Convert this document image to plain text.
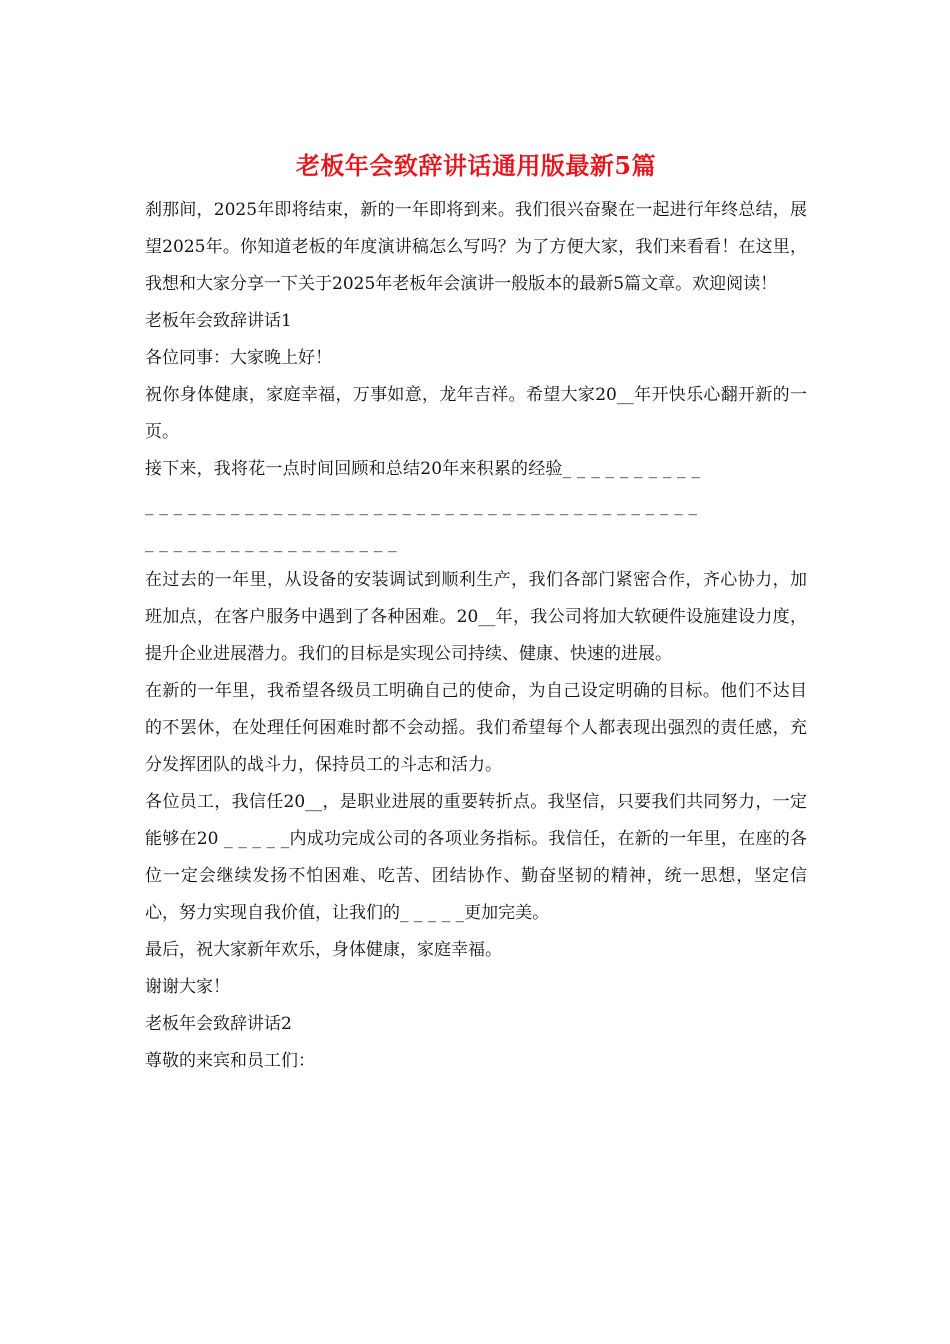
老板年会致辞讲话通用版最新5篇

刹那间，2025年即将结束，新的一年即将到来。我们很兴奋聚在一起进行年终总结，展望2025年。你知道老板的年度演讲稿怎么写吗？为了方便大家，我们来看看！在这里，我想和大家分享一下关于2025年老板年会演讲一般版本的最新5篇文章。欢迎阅读！

老板年会致辞讲话1

各位同事：大家晚上好！

祝你身体健康，家庭幸福，万事如意，龙年吉祥。希望大家20__年开快乐心翻开新的一页。

接下来，我将花一点时间回顾和总结20年来积累的经验_ _ _ _ _ _ _ _ _ _

_ _ _ _ _ _ _ _ _ _ _ _ _ _ _ _ _ _ _ _ _ _ _ _ _ _ _ _ _ _ _ _ _ _ _ _ _ _ _

_ _ _ _ _ _ _ _ _ _ _ _ _ _ _ _ _ _

在过去的一年里，从设备的安装调试到顺利生产，我们各部门紧密合作，齐心协力，加班加点，在客户服务中遇到了各种困难。20__年，我公司将加大软硬件设施建设力度，提升企业进展潜力。我们的目标是实现公司持续、健康、快速的进展。

在新的一年里，我希望各级员工明确自己的使命，为自己设定明确的目标。他们不达目的不罢休，在处理任何困难时都不会动摇。我们希望每个人都表现出强烈的责任感，充分发挥团队的战斗力，保持员工的斗志和活力。

各位员工，我信任20__，是职业进展的重要转折点。我坚信，只要我们共同努力，一定能够在20 _ _ _ _ _内成功完成公司的各项业务指标。我信任，在新的一年里，在座的各位一定会继续发扬不怕困难、吃苦、团结协作、勤奋坚韧的精神，统一思想，坚定信心，努力实现自我价值，让我们的_ _ _ _ _更加完美。

最后，祝大家新年欢乐，身体健康，家庭幸福。

谢谢大家！

老板年会致辞讲话2

尊敬的来宾和员工们：
